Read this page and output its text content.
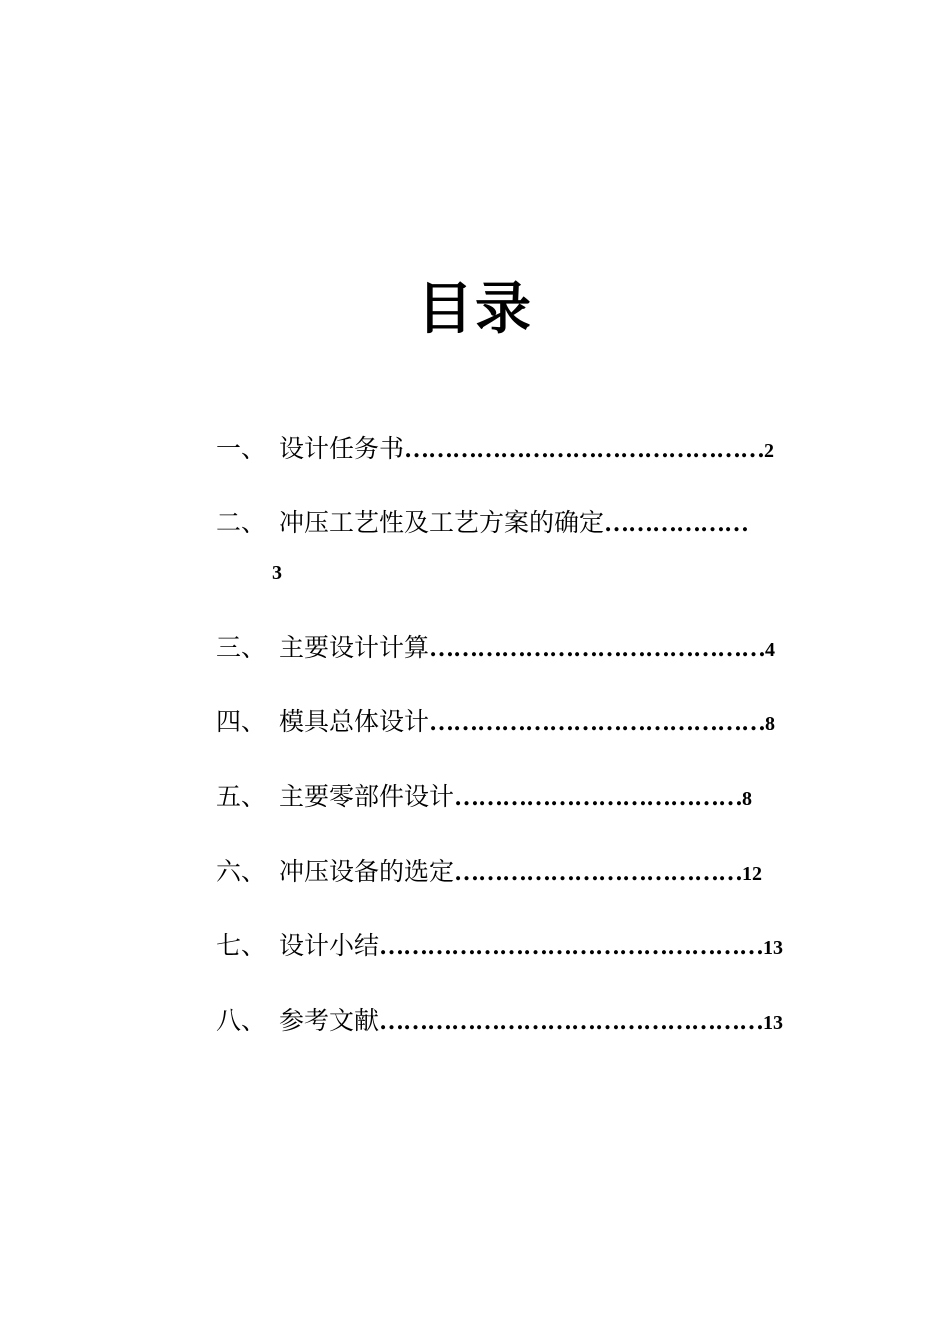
目录
一、 设计任务书………………………………………2
二、 冲压工艺性及工艺方案的确定………………
3
三、 主要设计计算……………………………………4
四、 模具总体设计……………………………………8
五、 主要零部件设计………………………………8
六、 冲压设备的选定………………………………12
七、 设计小结…………………………………………13
八、 参考文献…………………………………………13
